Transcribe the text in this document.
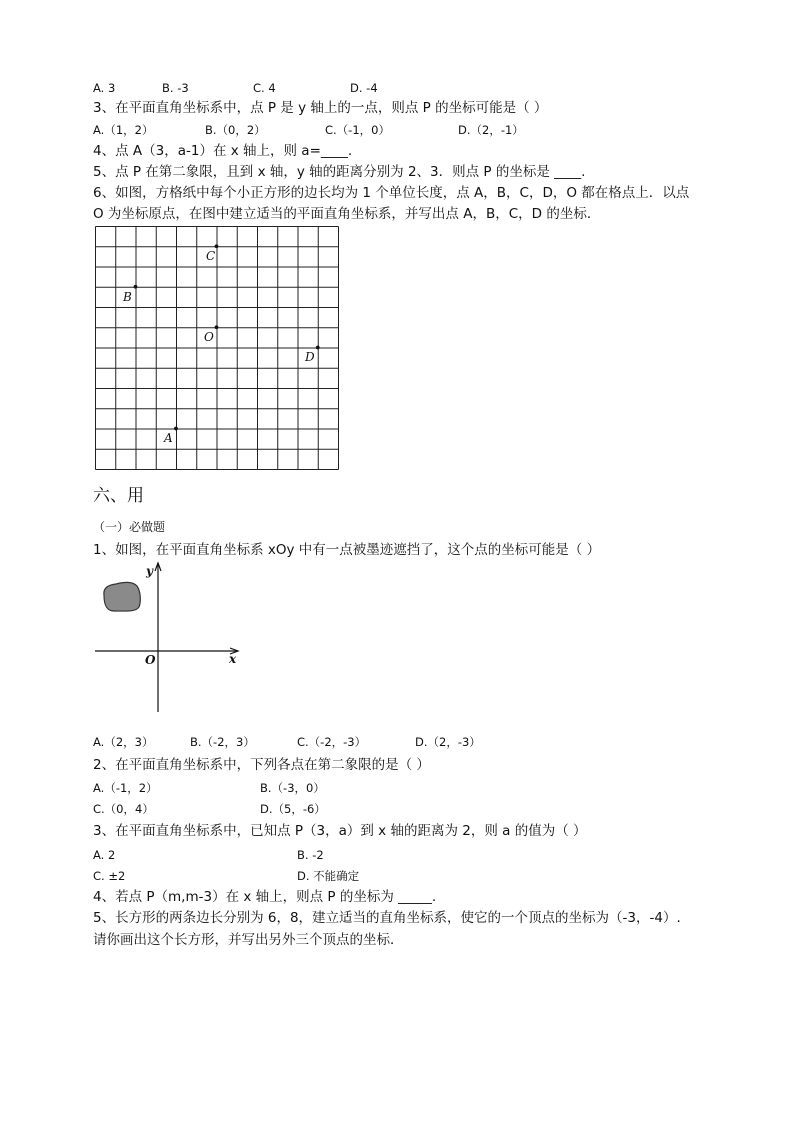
A. 3	B. -3	C. 4	D. -4
3、在平面直角坐标系中，点 P 是 y 轴上的一点，则点 P 的坐标可能是（ ）
A.（1，2）	B.（0，2）	C.（-1，0）	D.（2，-1）
4、点 A（3，a-1）在 x 轴上，则 a=____.
5、点 P 在第二象限，且到 x 轴，y 轴的距离分别为 2、3．则点 P 的坐标是 ____.
6、如图，方格纸中每个小正方形的边长均为 1 个单位长度，点 A，B，C，D，O 都在格点上．以点
O 为坐标原点，在图中建立适当的平面直角坐标系，并写出点 A，B，C，D 的坐标．
C
B
O
D
A
六、用
（一）必做题
1、如图，在平面直角坐标系 xOy 中有一点被墨迹遮挡了，这个点的坐标可能是（ ）
y
x
O
A.（2，3）	B.（-2，3）	C.（-2，-3）	D.（2，-3）
2、在平面直角坐标系中，下列各点在第二象限的是（ ）
A.（-1，2）	B.（-3，0）
C.（0，4）	D.（5，-6）
3、在平面直角坐标系中，已知点 P（3，a）到 x 轴的距离为 2，则 a 的值为（ ）
A. 2	B. -2
C. ±2	D. 不能确定
4、若点 P（m,m-3）在 x 轴上，则点 P 的坐标为 _____.
5、长方形的两条边长分别为 6，8，建立适当的直角坐标系，使它的一个顶点的坐标为（-3，-4）.
请你画出这个长方形，并写出另外三个顶点的坐标．
